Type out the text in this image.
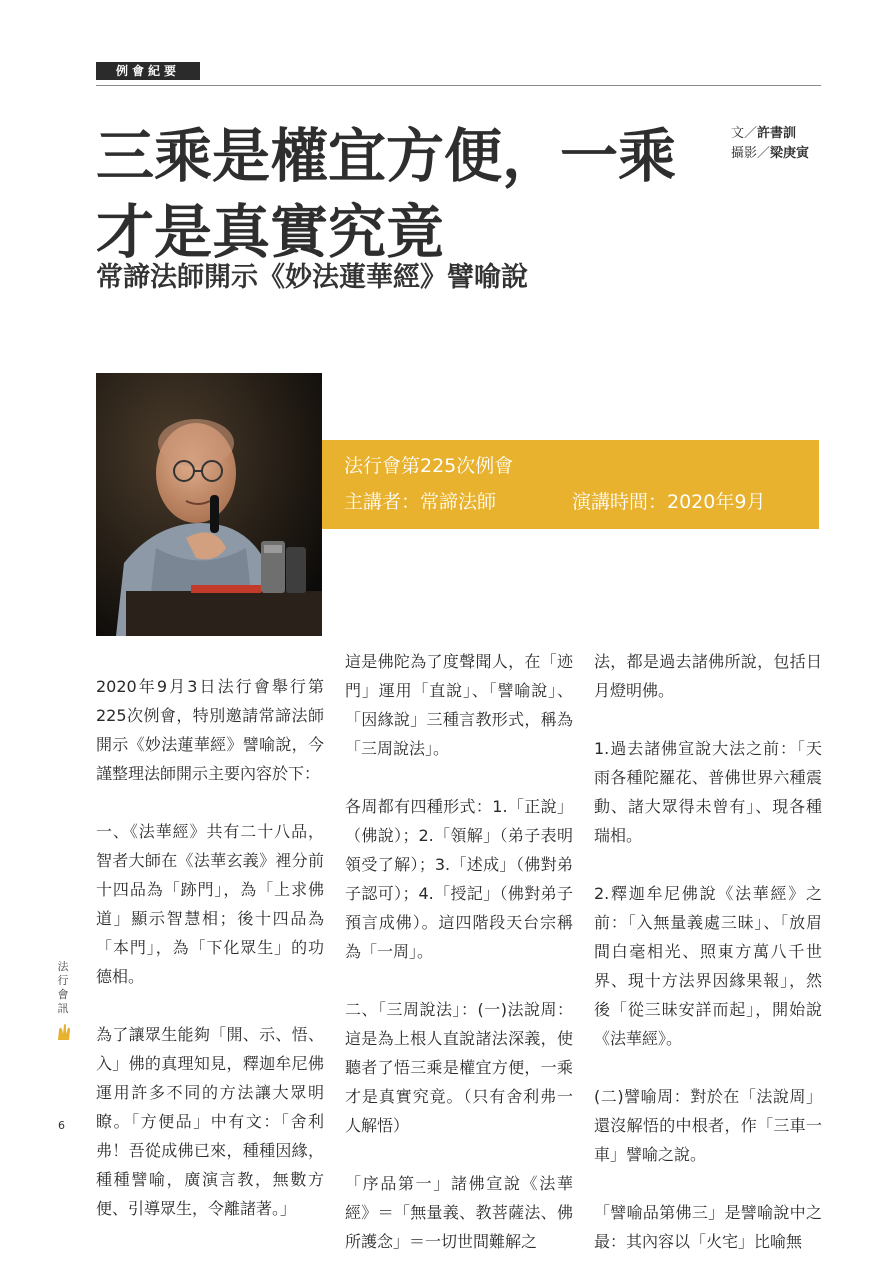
例會紀要
三乘是權宜方便，一乘
才是真實究竟
文／許書訓
攝影／梁庚寅
常諦法師開示《妙法蓮華經》譬喻說
法行會第225次例會
主講者：常諦法師	演講時間：2020年9月

2020年9月3日法行會舉行第225次例會，特別邀請常諦法師開示《妙法蓮華經》譬喻說，今謹整理法師開示主要內容於下：

一、《法華經》共有二十八品，智者大師在《法華玄義》裡分前十四品為「跡門」，為「上求佛道」顯示智慧相；後十四品為「本門」，為「下化眾生」的功德相。

為了讓眾生能夠「開、示、悟、入」佛的真理知見，釋迦牟尼佛運用許多不同的方法讓大眾明瞭。「方便品」中有文：「舍利弗！吾從成佛已來，種種因緣，種種譬喻，廣演言教，無數方便、引導眾生，令離諸著。」

這是佛陀為了度聲聞人，在「迹門」運用「直說」、「譬喻說」、「因緣說」三種言教形式，稱為「三周說法」。

各周都有四種形式：1.「正說」（佛說）；2.「領解」（弟子表明領受了解）；3.「述成」（佛對弟子認可）；4.「授記」（佛對弟子預言成佛）。這四階段天台宗稱為「一周」。

二、「三周說法」：(一)法說周：這是為上根人直說諸法深義，使聽者了悟三乘是權宜方便，一乘才是真實究竟。（只有舍利弗一人解悟）

「序品第一」諸佛宣說《法華經》＝「無量義、教菩薩法、佛所護念」＝一切世間難解之

法，都是過去諸佛所說，包括日月燈明佛。

1.過去諸佛宣說大法之前：「天雨各種陀羅花、普佛世界六種震動、諸大眾得未曾有」、現各種瑞相。

2.釋迦牟尼佛說《法華經》之前：「入無量義處三昧」、「放眉間白毫相光、照東方萬八千世界、現十方法界因緣果報」，然後「從三昧安詳而起」，開始說《法華經》。

(二)譬喻周：對於在「法說周」還沒解悟的中根者，作「三車一車」譬喻之說。

「譬喻品第佛三」是譬喻說中之最：其內容以「火宅」比喻無

法行會訊
6
